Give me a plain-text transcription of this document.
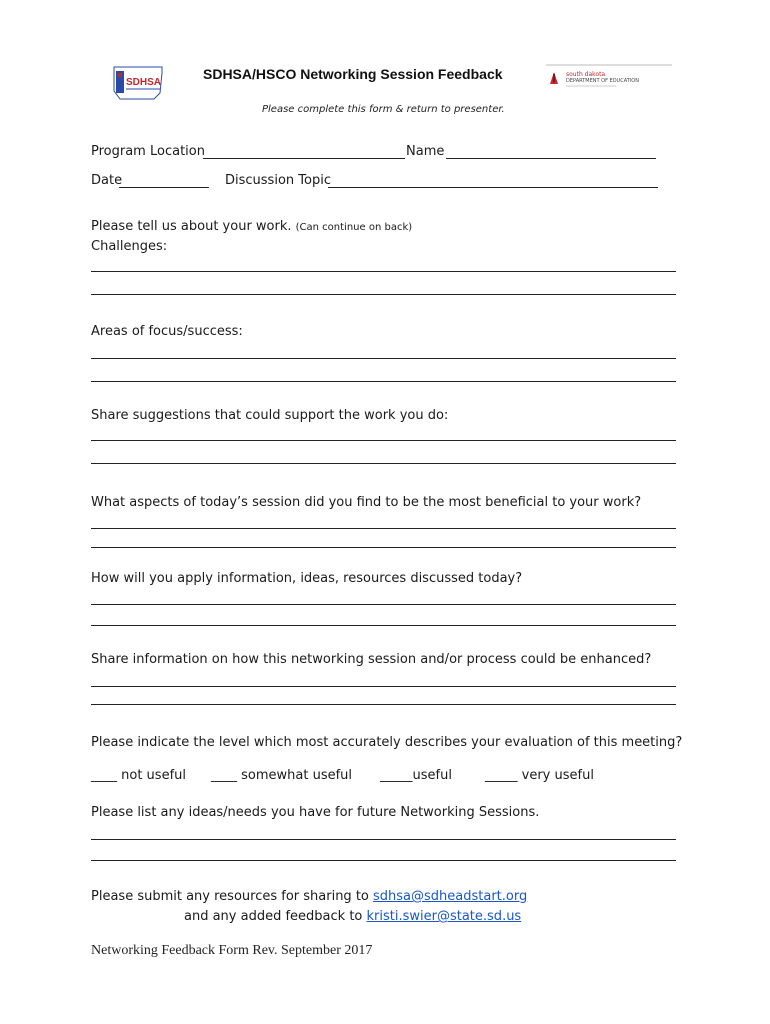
SDHSA
south dakota
DEPARTMENT OF EDUCATION
SDHSA/HSCO Networking Session Feedback
Please complete this form & return to presenter.
Program Location	Name
Date	Discussion Topic
Please tell us about your work. (Can continue on back)
Challenges:
Areas of focus/success:
Share suggestions that could support the work you do:
What aspects of today’s session did you find to be the most beneficial to your work?
How will you apply information, ideas, resources discussed today?
Share information on how this networking session and/or process could be enhanced?
Please indicate the level which most accurately describes your evaluation of this meeting?
____ not useful ____ somewhat useful _____useful	_____ very useful
Please list any ideas/needs you have for future Networking Sessions.
Please submit any resources for sharing to sdhsa@sdheadstart.org
and any added feedback to kristi.swier@state.sd.us
Networking Feedback Form Rev. September 2017
